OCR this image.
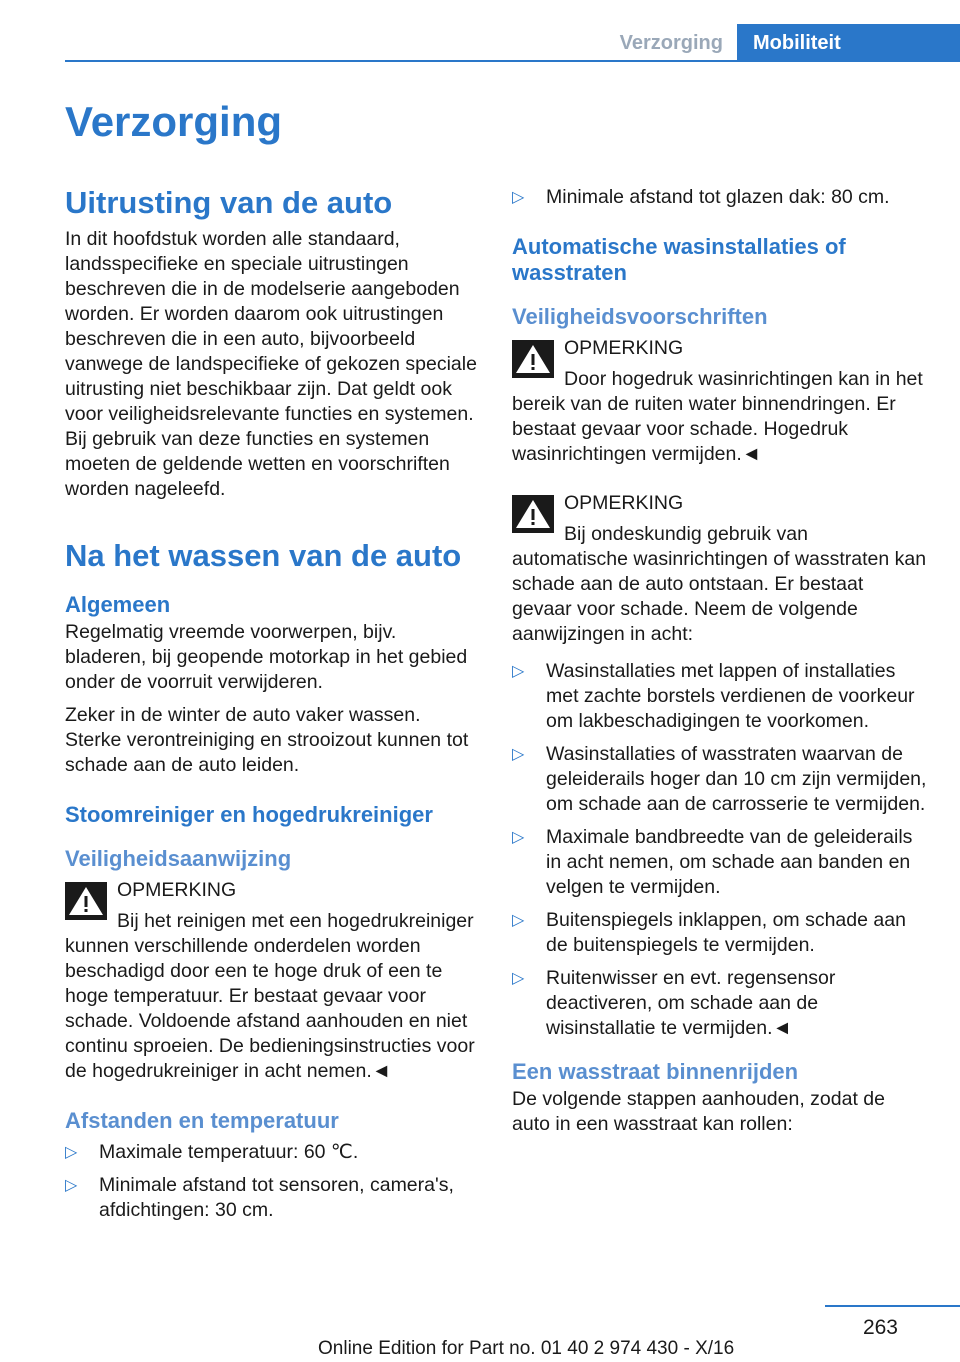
Verzorging	Mobiliteit
Verzorging
Uitrusting van de auto

In dit hoofdstuk worden alle standaard, landsspecifieke en speciale uitrustingen beschreven die in de modelserie aangeboden worden. Er worden daarom ook uitrustingen beschreven die in een auto, bijvoorbeeld vanwege de landspecifieke of gekozen speciale uitrusting niet beschikbaar zijn. Dat geldt ook voor veiligheidsrelevante functies en systemen. Bij gebruik van deze functies en systemen moeten de geldende wetten en voorschriften worden nageleefd.

Na het wassen van de auto
Algemeen

Regelmatig vreemde voorwerpen, bijv. bladeren, bij geopende motorkap in het gebied onder de voorruit verwijderen.

Zeker in de winter de auto vaker wassen. Sterke verontreiniging en strooizout kunnen tot schade aan de auto leiden.

Stoomreiniger en hogedrukreiniger
Veiligheidsaanwijzing
OPMERKING

Bij het reinigen met een hogedrukreiniger kunnen verschillende onderdelen worden beschadigd door een te hoge druk of een te hoge temperatuur. Er bestaat gevaar voor schade. Voldoende afstand aanhouden en niet continu sproeien. De bedieningsinstructies voor de hogedrukreiniger in acht nemen.◄

Afstanden en temperatuur
▷ Maximale temperatuur: 60 ℃.
▷ Minimale afstand tot sensoren, camera's, afdichtingen: 30 cm.
▷ Minimale afstand tot glazen dak: 80 cm.
Automatische wasinstallaties of wasstraten
Veiligheidsvoorschriften
OPMERKING

Door hogedruk wasinrichtingen kan in het bereik van de ruiten water binnendringen. Er bestaat gevaar voor schade. Hogedruk wasinrichtingen vermijden.◄

OPMERKING

Bij ondeskundig gebruik van automatische wasinrichtingen of wasstraten kan schade aan de auto ontstaan. Er bestaat gevaar voor schade. Neem de volgende aanwijzingen in acht:

▷ Wasinstallaties met lappen of installaties met zachte borstels verdienen de voorkeur om lakbeschadigingen te voorkomen.
▷ Wasinstallaties of wasstraten waarvan de geleiderails hoger dan 10 cm zijn vermijden, om schade aan de carrosserie te vermijden.
▷ Maximale bandbreedte van de geleiderails in acht nemen, om schade aan banden en velgen te vermijden.
▷ Buitenspiegels inklappen, om schade aan de buitenspiegels te vermijden.
▷ Ruitenwisser en evt. regensensor deactiveren, om schade aan de wisinstallatie te vermijden.◄
Een wasstraat binnenrijden

De volgende stappen aanhouden, zodat de auto in een wasstraat kan rollen:

263
Online Edition for Part no. 01 40 2 974 430 - X/16
